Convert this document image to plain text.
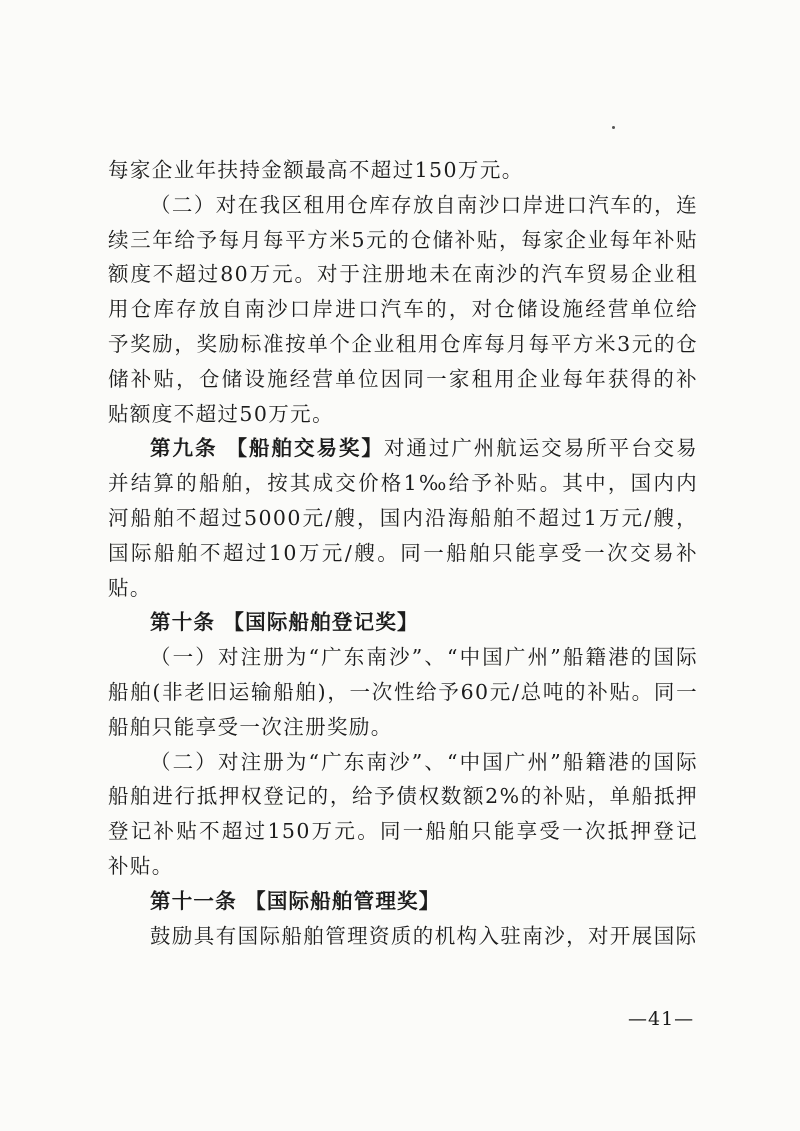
每家企业年扶持金额最高不超过150万元。

（二）对在我区租用仓库存放自南沙口岸进口汽车的，连续三年给予每月每平方米5元的仓储补贴，每家企业每年补贴额度不超过80万元。对于注册地未在南沙的汽车贸易企业租用仓库存放自南沙口岸进口汽车的，对仓储设施经营单位给予奖励，奖励标准按单个企业租用仓库每月每平方米3元的仓储补贴，仓储设施经营单位因同一家租用企业每年获得的补贴额度不超过50万元。

第九条 【船舶交易奖】对通过广州航运交易所平台交易并结算的船舶，按其成交价格1‰给予补贴。其中，国内内河船舶不超过5000元/艘，国内沿海船舶不超过1万元/艘，国际船舶不超过10万元/艘。同一船舶只能享受一次交易补贴。

第十条 【国际船舶登记奖】

（一）对注册为“广东南沙”、“中国广州”船籍港的国际船舶(非老旧运输船舶)，一次性给予60元/总吨的补贴。同一船舶只能享受一次注册奖励。

（二）对注册为“广东南沙”、“中国广州”船籍港的国际船舶进行抵押权登记的，给予债权数额2%的补贴，单船抵押登记补贴不超过150万元。同一船舶只能享受一次抵押登记补贴。

第十一条 【国际船舶管理奖】

鼓励具有国际船舶管理资质的机构入驻南沙，对开展国际

—41—
